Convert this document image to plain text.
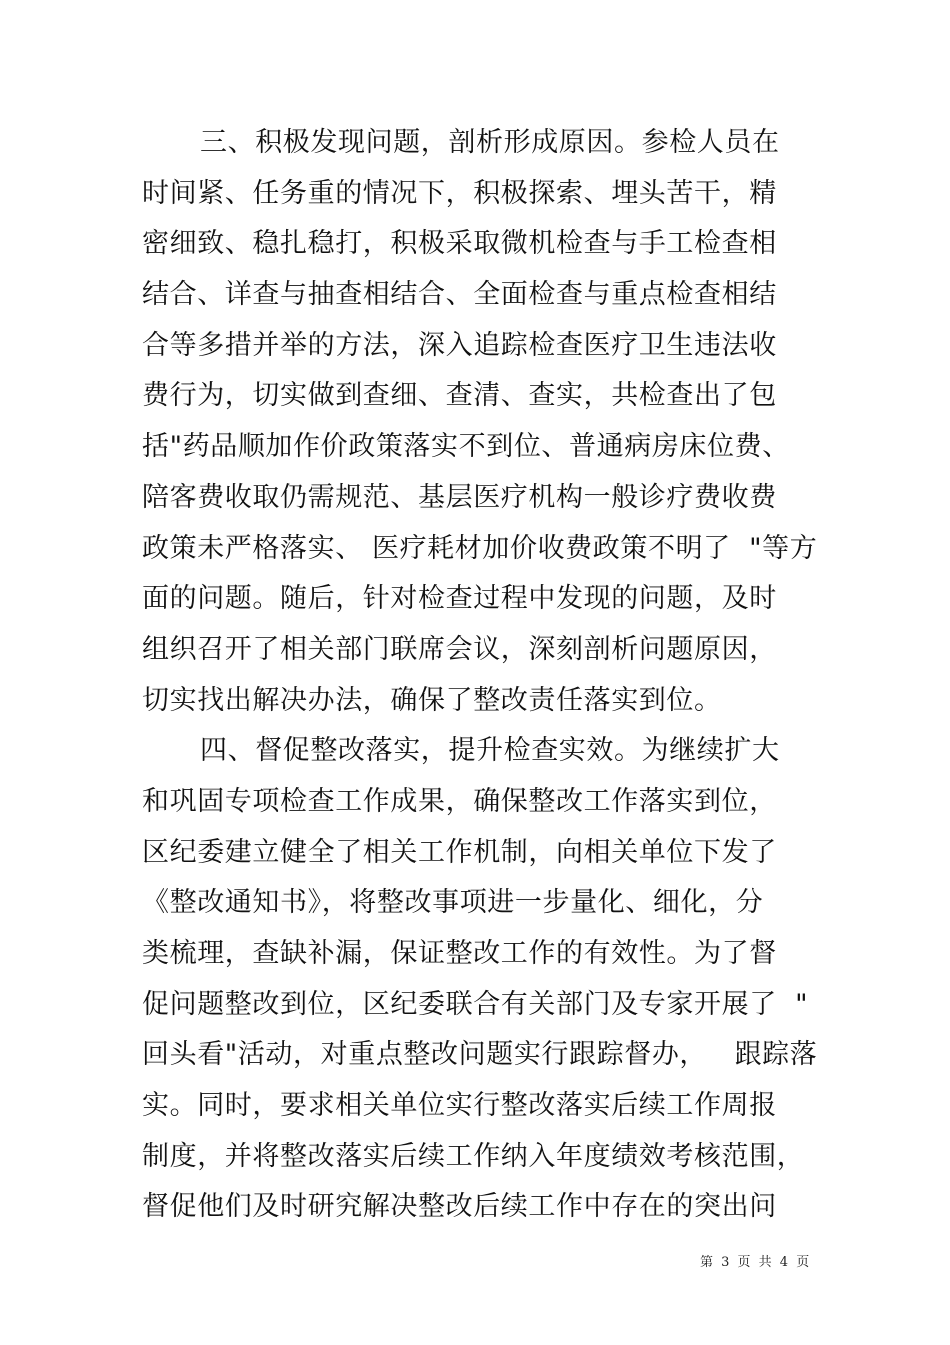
三、积极发现问题，剖析形成原因。参检人员在
时间紧、任务重的情况下，积极探索、埋头苦干，精
密细致、稳扎稳打，积极采取微机检查与手工检查相
结合、详查与抽查相结合、全面检查与重点检查相结
合等多措并举的方法，深入追踪检查医疗卫生违法收
费行为，切实做到查细、查清、查实，共检查出了包
括"药品顺加作价政策落实不到位、普通病房床位费、
陪客费收取仍需规范、基层医疗机构一般诊疗费收费
政策未严格落实、 医疗耗材加价收费政策不明了  "等方
面的问题。随后，针对检查过程中发现的问题，及时
组织召开了相关部门联席会议，深刻剖析问题原因，
切实找出解决办法，确保了整改责任落实到位。
四、督促整改落实，提升检查实效。为继续扩大
和巩固专项检查工作成果，确保整改工作落实到位，
区纪委建立健全了相关工作机制，向相关单位下发了
《整改通知书》，将整改事项进一步量化、细化，分
类梳理，查缺补漏，保证整改工作的有效性。为了督
促问题整改到位，区纪委联合有关部门及专家开展了  "
回头看"活动，对重点整改问题实行跟踪督办，   跟踪落
实。同时，要求相关单位实行整改落实后续工作周报
制度，并将整改落实后续工作纳入年度绩效考核范围，
督促他们及时研究解决整改后续工作中存在的突出问
第 3 页 共 4 页
